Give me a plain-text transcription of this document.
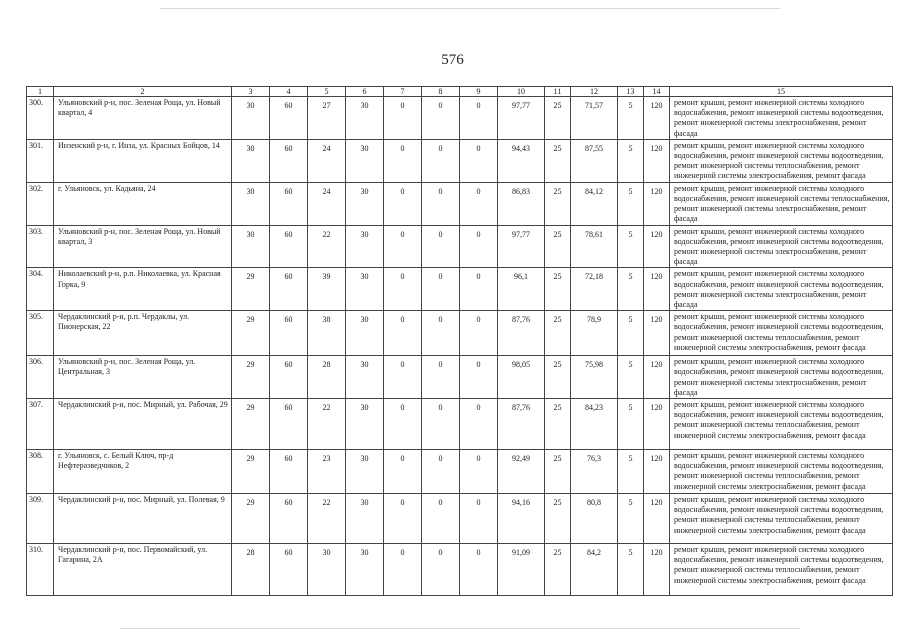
576
1	2	3	4	5	6	7	8	9	10	11	12	13	14	15
300.	Ульяновский р-н, пос. Зеленая Роща, ул. Новый квартал, 4	30	60	27	30	0	0	0	97,77	25	71,57	5	120	ремонт крыши, ремонт инженерной системы холодного водоснабжения, ремонт инженерной системы водоотведения, ремонт инженерной системы электроснабжения, ремонт фасада
301.	Инзенский р-н, г. Инза, ул. Красных Бойцов, 14	30	60	24	30	0	0	0	94,43	25	87,55	5	120	ремонт крыши, ремонт инженерной системы холодного водоснабжения, ремонт инженерной системы водоотведения, ремонт инженерной системы теплоснабжения, ремонт инженерной системы электроснабжения, ремонт фасада
302.	г. Ульяновск, ул. Кадьяна, 24	30	60	24	30	0	0	0	86,83	25	84,12	5	120	ремонт крыши, ремонт инженерной системы холодного водоснабжения, ремонт инженерной системы теплоснабжения, ремонт инженерной системы электроснабжения, ремонт фасада
303.	Ульяновский р-н, пос. Зеленая Роща, ул. Новый квартал, 3	30	60	22	30	0	0	0	97,77	25	78,61	5	120	ремонт крыши, ремонт инженерной системы холодного водоснабжения, ремонт инженерной системы водоотведения, ремонт инженерной системы электроснабжения, ремонт фасада
304.	Николаевский р-н, р.п. Николаевка, ул. Красная Горка, 9	29	60	39	30	0	0	0	96,1	25	72,18	5	120	ремонт крыши, ремонт инженерной системы холодного водоснабжения, ремонт инженерной системы водоотведения, ремонт инженерной системы электроснабжения, ремонт фасада
305.	Чердаклинский р-н, р.п. Чердаклы, ул. Пионерская, 22	29	60	38	30	0	0	0	87,76	25	78,9	5	120	ремонт крыши, ремонт инженерной системы холодного водоснабжения, ремонт инженерной системы водоотведения, ремонт инженерной системы теплоснабжения, ремонт инженерной системы электроснабжения, ремонт фасада
306.	Ульяновский р-н, пос. Зеленая Роща, ул. Центральная, 3	29	60	28	30	0	0	0	98,05	25	75,98	5	120	ремонт крыши, ремонт инженерной системы холодного водоснабжения, ремонт инженерной системы водоотведения, ремонт инженерной системы электроснабжения, ремонт фасада
307.	Чердаклинский р-н, пос. Мирный, ул. Рабочая, 29	29	60	22	30	0	0	0	87,76	25	84,23	5	120	ремонт крыши, ремонт инженерной системы холодного водоснабжения, ремонт инженерной системы водоотведения, ремонт инженерной системы теплоснабжения, ремонт инженерной системы электроснабжения, ремонт фасада
308.	г. Ульяновск, с. Белый Ключ, пр-д Нефтеразведчиков, 2	29	60	23	30	0	0	0	92,49	25	76,3	5	120	ремонт крыши, ремонт инженерной системы холодного водоснабжения, ремонт инженерной системы водоотведения, ремонт инженерной системы теплоснабжения, ремонт инженерной системы электроснабжения, ремонт фасада
309.	Чердаклинский р-н, пос. Мирный, ул. Полевая, 9	29	60	22	30	0	0	0	94,16	25	80,8	5	120	ремонт крыши, ремонт инженерной системы холодного водоснабжения, ремонт инженерной системы водоотведения, ремонт инженерной системы теплоснабжения, ремонт инженерной системы электроснабжения, ремонт фасада
310.	Чердаклинский р-н, пос. Первомайский, ул. Гагарина, 2А	28	60	30	30	0	0	0	91,09	25	84,2	5	120	ремонт крыши, ремонт инженерной системы холодного водоснабжения, ремонт инженерной системы водоотведения, ремонт инженерной системы теплоснабжения, ремонт инженерной системы электроснабжения, ремонт фасада
